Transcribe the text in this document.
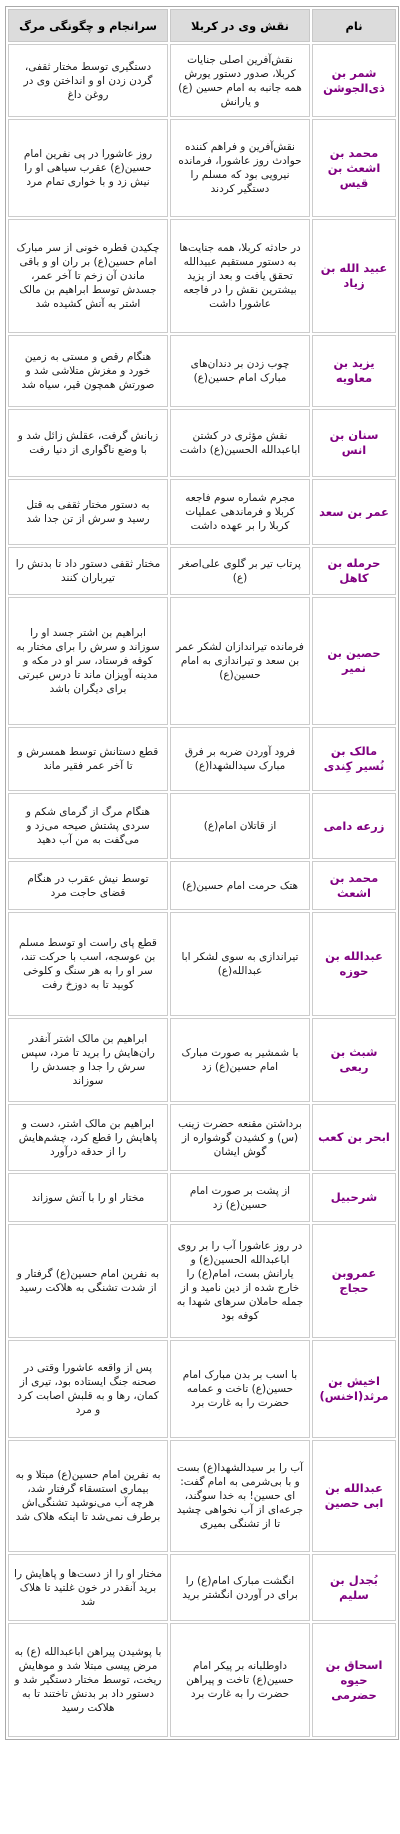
نام	نقش وی در کربلا	سرانجام و چگونگی مرگ
شمر بن ذی‌الجوشن	نقش‌آفرین اصلی جنایات کربلا، صدور دستور یورش همه جانبه به امام حسین (ع) و یارانش	دستگیری توسط مختار ثقفی، گردن زدن او و انداختن وی در روغن داغ
محمد بن اشعث بن قیس	نقش‌آفرین و فراهم کننده حوادث روز عاشورا، فرمانده نیرویی بود که مسلم را دستگیر کردند	روز عاشورا در پی نفرین امام حسین(ع) عقرب سیاهی او را نیش زد و با خواری تمام مرد
عبید الله بن زیاد	در حادثه کربلا، همه جنایت‌ها به دستور مستقیم عبیدالله تحقق یافت و بعد از یزید بیشترین نقش را در فاجعه عاشورا داشت	چکیدن قطره خونی از سر مبارک امام حسین(ع) بر ران او و باقی ماندن آن زخم تا آخر عمر، جسدش توسط ابراهیم بن مالک اشتر به آتش کشیده شد
یزید بن معاویه	چوب زدن بر دندان‌های مبارک امام حسین(ع)	هنگام رقص و مستی به زمین خورد و مغزش متلاشی شد و صورتش همچون قیر، سیاه شد
سنان بن انس	نقش مؤثری در کشتن اباعبدالله الحسین(ع) داشت	زبانش گرفت، عقلش زائل شد و با وضع ناگواری از دنیا رفت
عمر بن سعد	مجرم شماره سوم فاجعه کربلا و فرماندهی عملیات کربلا را بر عهده داشت	به دستور مختار ثقفی به قتل رسید و سرش از تن جدا شد
حرمله بن کاهل	پرتاب تیر بر گلوی علی‌اصغر (ع)	مختار ثقفی دستور داد تا بدنش را تیرباران کنند
حصین بن نمیر	فرمانده تیراندازان لشکر عمر بن سعد و تیراندازی به امام حسین(ع)	ابراهیم بن اشتر جسد او را سوزاند و سرش را برای مختار به کوفه فرستاد، سر او در مکه و مدینه آویزان ماند تا درس عبرتی برای دیگران باشد
مالک بن نُسیر کِندی	فرود آوردن ضربه بر فرق مبارک سیدالشهدا(ع)	قطع دستانش توسط همسرش و تا آخر عمر فقیر ماند
زرعه دامی	از قاتلان امام(ع)	هنگام مرگ از گرمای شکم و سردی پشتش صیحه می‌زد و می‌گفت به من آب دهید
محمد بن اشعث	هتک حرمت امام حسین(ع)	توسط نیش عقرب در هنگام قضای حاجت مرد
عبدالله بن حوزه	تیراندازی به سوی لشکر ابا عبدالله(ع)	قطع پای راست او توسط مسلم بن عوسجه، اسب با حرکت تند، سر او را به هر سنگ و کلوخی کوبید تا به دوزخ رفت
شبث بن ربعی	با شمشیر به صورت مبارک امام حسین(ع) زد	ابراهیم بن مالک اشتر آنقدر ران‌هایش را برید تا مرد، سپس سرش را جدا و جسدش را سوزاند
ابحر بن کعب	برداشتن مقنعه حضرت زینب (س) و کشیدن گوشواره از گوش ایشان	ابراهیم بن مالک اشتر، دست و پاهایش را قطع کرد، چشم‌هایش را از حدقه درآورد
شرحبیل	از پشت بر صورت امام حسین(ع) زد	مختار او را با آتش سوزاند
عمروبن حجاج	در روز عاشورا آب را بر روی اباعبدالله الحسین(ع) و یارانش بست، امام(ع) را خارج شده از دین نامید و از جمله حاملان سرهای شهدا به کوفه بود	به نفرین امام حسین(ع) گرفتار و از شدت تشنگی به هلاکت رسید
اخیش بن مرثد(اخنس)	با اسب بر بدن مبارک امام حسین(ع) تاخت و عمامه حضرت را به غارت برد	پس از واقعه عاشورا وقتی در صحنه جنگ ایستاده بود، تیری از کمان، رها و به قلبش اصابت کرد و مرد
عبدالله بن ابی حصین	آب را بر سیدالشهدا(ع) بست و با بی‌شرمی به امام گفت: ای حسین! به خدا سوگند، جرعه‌ای از آب نخواهی چشید تا از تشنگی بمیری	به نفرین امام حسین(ع) مبتلا و به بیماری استسقاء گرفتار شد، هرچه آب می‌نوشید تشنگی‌اش برطرف نمی‌شد تا اینکه هلاک شد
بُجدل بن سلیم	انگشت مبارک امام(ع) را برای در آوردن انگشتر برید	مختار او را از دست‌ها و پاهایش را برید آنقدر در خون غلتید تا هلاک شد
اسحاق بن حیوه حضرمی	داوطلبانه بر پیکر امام حسین(ع) تاخت و پیراهن حضرت را به غارت برد	با پوشیدن پیراهن اباعبدالله (ع) به مرض پیسی مبتلا شد و موهایش ریخت، توسط مختار دستگیر شد و دستور داد بر بدنش تاختند تا به هلاکت رسید
